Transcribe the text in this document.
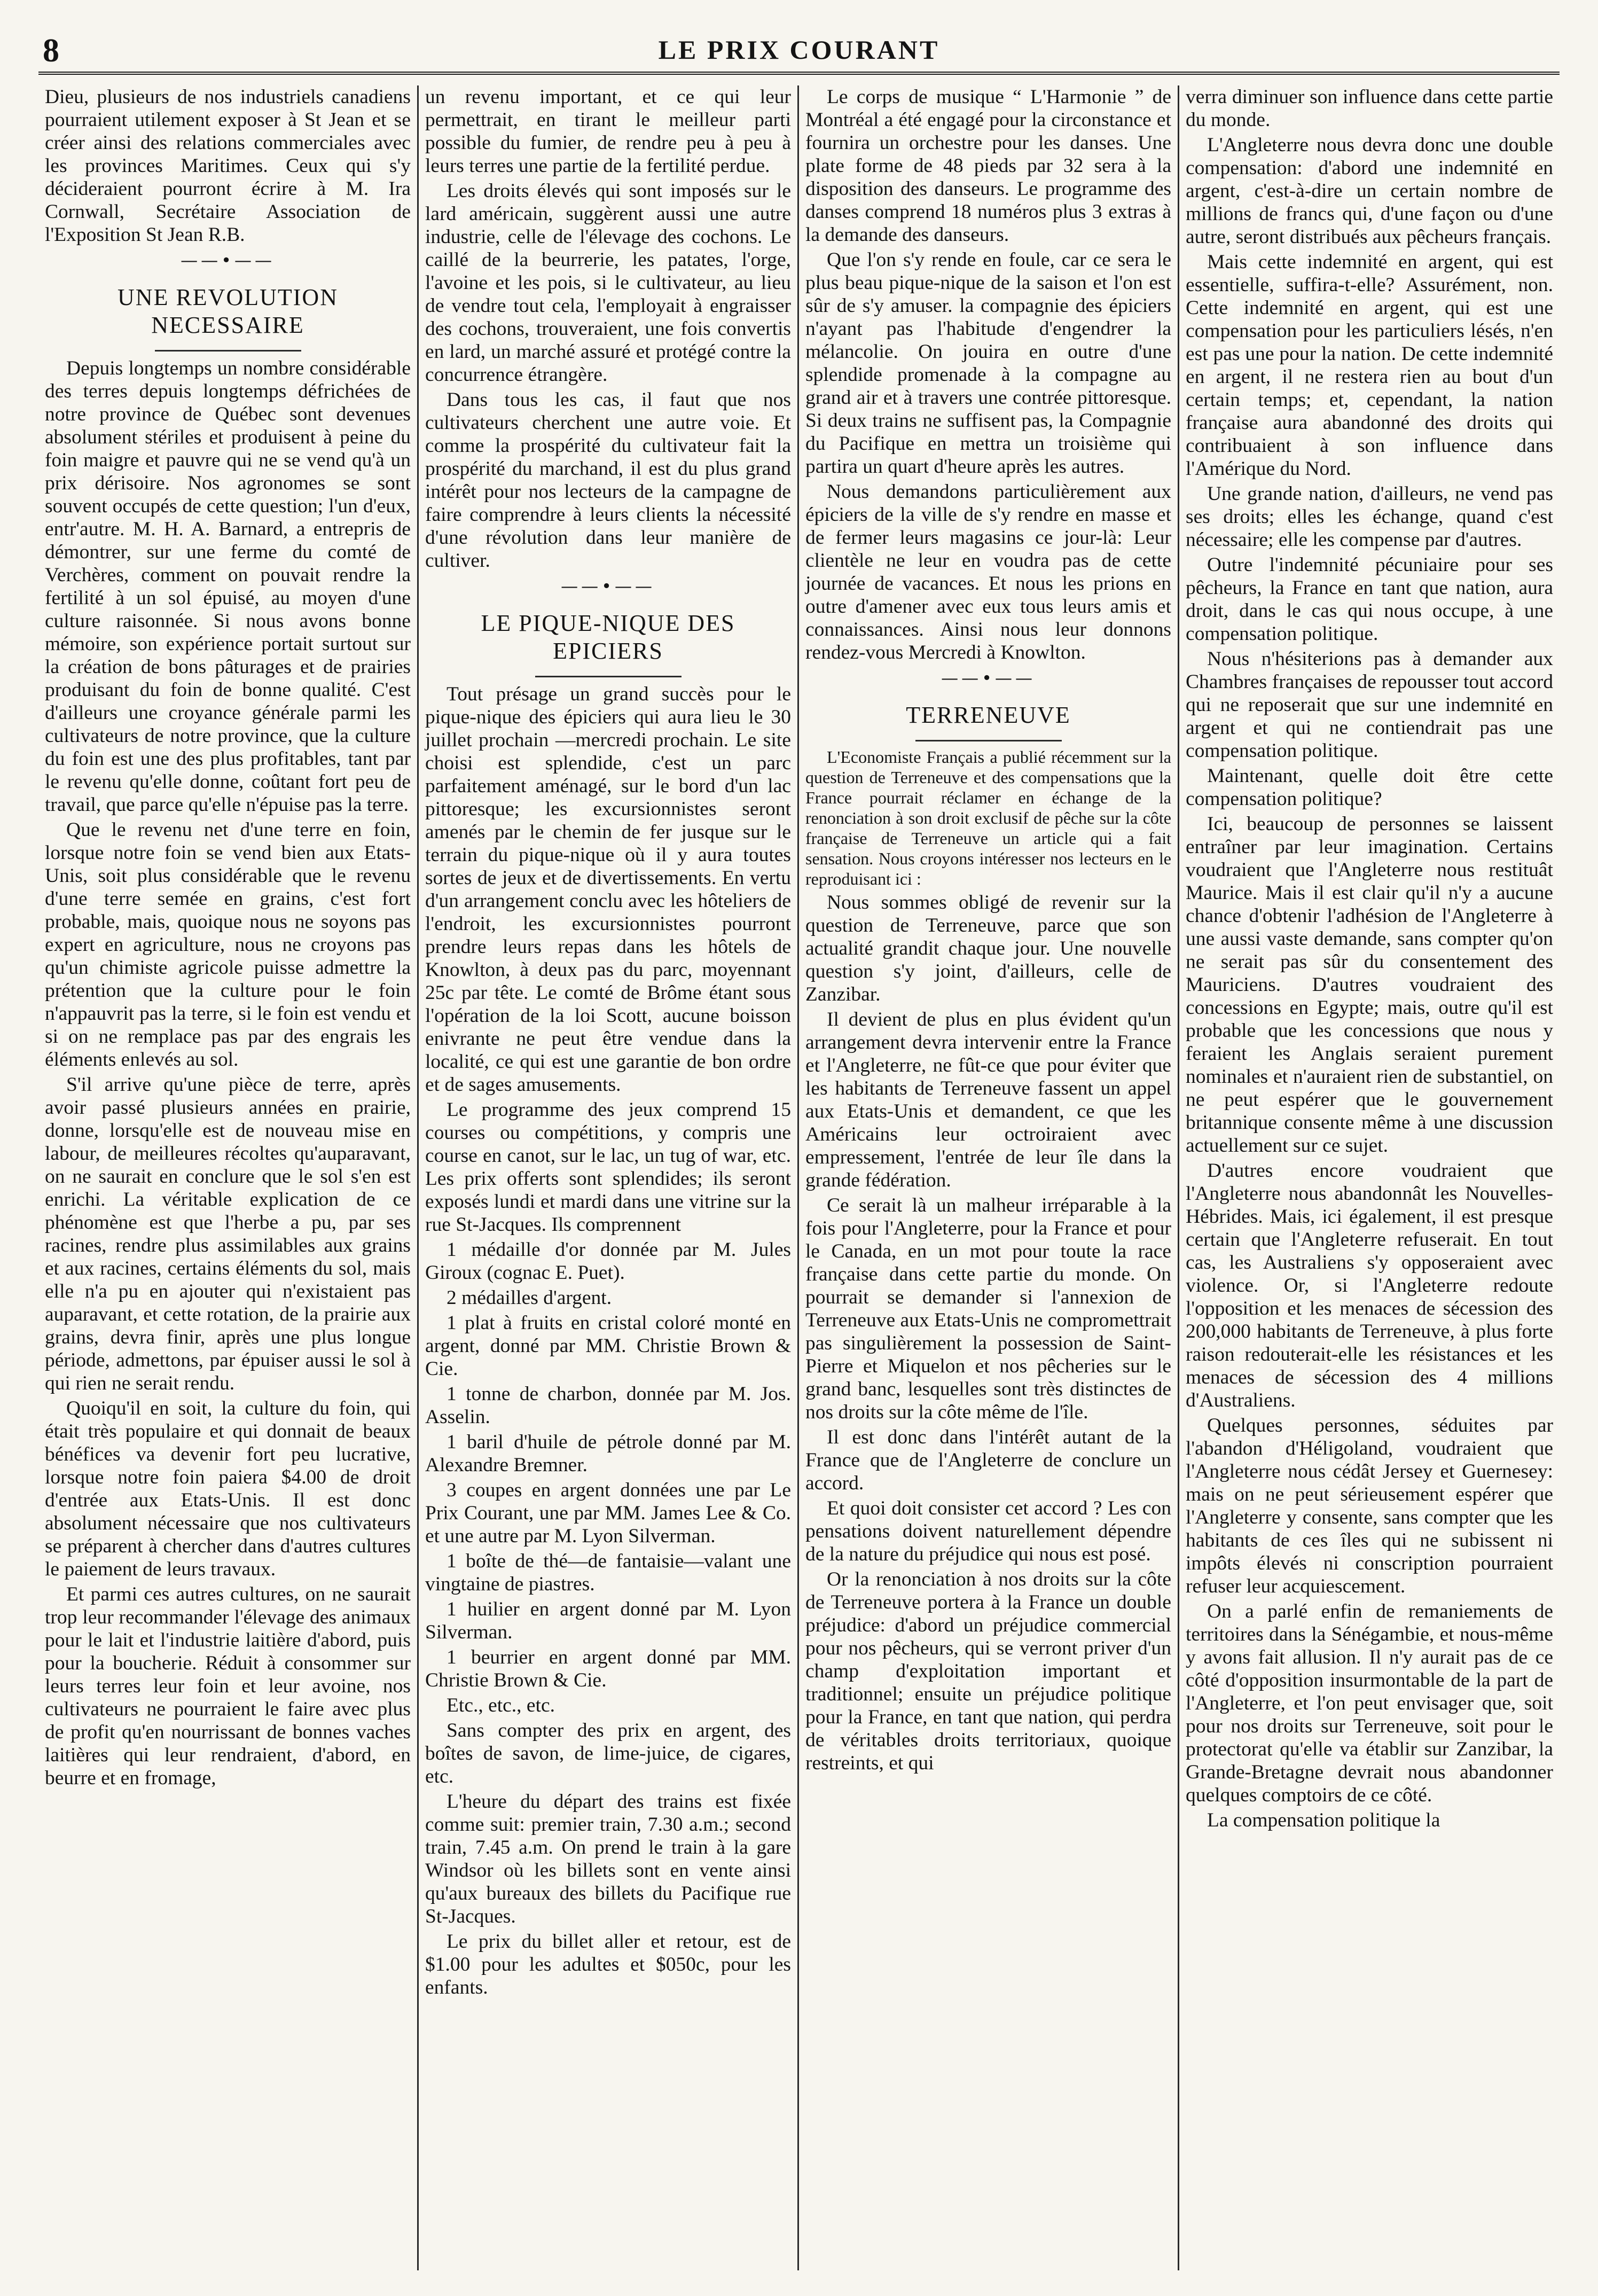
8	LE PRIX COURANT

Dieu, plusieurs de nos industriels canadiens pourraient utilement exposer à St Jean et se créer ainsi des relations commerciales avec les provinces Maritimes. Ceux qui s'y décideraient pourront écrire à M. Ira Cornwall, Secrétaire Association de l'Exposition St Jean R.B.

——•——
UNE REVOLUTION NECESSAIRE

Depuis longtemps un nombre considérable des terres depuis longtemps défrichées de notre province de Québec sont devenues absolument stériles et produisent à peine du foin maigre et pauvre qui ne se vend qu'à un prix dérisoire. Nos agronomes se sont souvent occupés de cette question; l'un d'eux, entr'autre. M. H. A. Barnard, a entrepris de démontrer, sur une ferme du comté de Verchères, comment on pouvait rendre la fertilité à un sol épuisé, au moyen d'une culture raisonnée. Si nous avons bonne mémoire, son expérience portait surtout sur la création de bons pâturages et de prairies produisant du foin de bonne qualité. C'est d'ailleurs une croyance générale parmi les cultivateurs de notre province, que la culture du foin est une des plus profitables, tant par le revenu qu'elle donne, coûtant fort peu de travail, que parce qu'elle n'épuise pas la terre.

Que le revenu net d'une terre en foin, lorsque notre foin se vend bien aux Etats-Unis, soit plus considérable que le revenu d'une terre semée en grains, c'est fort probable, mais, quoique nous ne soyons pas expert en agriculture, nous ne croyons pas qu'un chimiste agricole puisse admettre la prétention que la culture pour le foin n'appauvrit pas la terre, si le foin est vendu et si on ne remplace pas par des engrais les éléments enlevés au sol.

S'il arrive qu'une pièce de terre, après avoir passé plusieurs années en prairie, donne, lorsqu'elle est de nouveau mise en labour, de meilleures récoltes qu'auparavant, on ne saurait en conclure que le sol s'en est enrichi. La véritable explication de ce phénomène est que l'herbe a pu, par ses racines, rendre plus assimilables aux grains et aux racines, certains éléments du sol, mais elle n'a pu en ajouter qui n'existaient pas auparavant, et cette rotation, de la prairie aux grains, devra finir, après une plus longue période, admettons, par épuiser aussi le sol à qui rien ne serait rendu.

Quoiqu'il en soit, la culture du foin, qui était très populaire et qui donnait de beaux bénéfices va devenir fort peu lucrative, lorsque notre foin paiera $4.00 de droit d'entrée aux Etats-Unis. Il est donc absolument nécessaire que nos cultivateurs se préparent à chercher dans d'autres cultures le paiement de leurs travaux.

Et parmi ces autres cultures, on ne saurait trop leur recommander l'élevage des animaux pour le lait et l'industrie laitière d'abord, puis pour la boucherie. Réduit à consommer sur leurs terres leur foin et leur avoine, nos cultivateurs ne pourraient le faire avec plus de profit qu'en nourrissant de bonnes vaches laitières qui leur rendraient, d'abord, en beurre et en fromage,

un revenu important, et ce qui leur permettrait, en tirant le meilleur parti possible du fumier, de rendre peu à peu à leurs terres une partie de la fertilité perdue.

Les droits élevés qui sont imposés sur le lard américain, suggèrent aussi une autre industrie, celle de l'élevage des cochons. Le caillé de la beurrerie, les patates, l'orge, l'avoine et les pois, si le cultivateur, au lieu de vendre tout cela, l'employait à engraisser des cochons, trouveraient, une fois convertis en lard, un marché assuré et protégé contre la concurrence étrangère.

Dans tous les cas, il faut que nos cultivateurs cherchent une autre voie. Et comme la prospérité du cultivateur fait la prospérité du marchand, il est du plus grand intérêt pour nos lecteurs de la campagne de faire comprendre à leurs clients la nécessité d'une révolution dans leur manière de cultiver.

——•——
LE PIQUE-NIQUE DES EPICIERS

Tout présage un grand succès pour le pique-nique des épiciers qui aura lieu le 30 juillet prochain —mercredi prochain. Le site choisi est splendide, c'est un parc parfaitement aménagé, sur le bord d'un lac pittoresque; les excursionnistes seront amenés par le chemin de fer jusque sur le terrain du pique-nique où il y aura toutes sortes de jeux et de divertissements. En vertu d'un arrangement conclu avec les hôteliers de l'endroit, les excursionnistes pourront prendre leurs repas dans les hôtels de Knowlton, à deux pas du parc, moyennant 25c par tête. Le comté de Brôme étant sous l'opération de la loi Scott, aucune boisson enivrante ne peut être vendue dans la localité, ce qui est une garantie de bon ordre et de sages amusements.

Le programme des jeux comprend 15 courses ou compétitions, y compris une course en canot, sur le lac, un tug of war, etc. Les prix offerts sont splendides; ils seront exposés lundi et mardi dans une vitrine sur la rue St-Jacques. Ils comprennent

1 médaille d'or donnée par M. Jules Giroux (cognac E. Puet).

2 médailles d'argent.

1 plat à fruits en cristal coloré monté en argent, donné par MM. Christie Brown & Cie.

1 tonne de charbon, donnée par M. Jos. Asselin.

1 baril d'huile de pétrole donné par M. Alexandre Bremner.

3 coupes en argent données une par Le Prix Courant, une par MM. James Lee & Co. et une autre par M. Lyon Silverman.

1 boîte de thé—de fantaisie—valant une vingtaine de piastres.

1 huilier en argent donné par M. Lyon Silverman.

1 beurrier en argent donné par MM. Christie Brown & Cie.

Etc., etc., etc.

Sans compter des prix en argent, des boîtes de savon, de lime-juice, de cigares, etc.

L'heure du départ des trains est fixée comme suit: premier train, 7.30 a.m.; second train, 7.45 a.m. On prend le train à la gare Windsor où les billets sont en vente ainsi qu'aux bureaux des billets du Pacifique rue St-Jacques.

Le prix du billet aller et retour, est de $1.00 pour les adultes et $050c, pour les enfants.

Le corps de musique “ L'Harmonie ” de Montréal a été engagé pour la circonstance et fournira un orchestre pour les danses. Une plate forme de 48 pieds par 32 sera à la disposition des danseurs. Le programme des danses comprend 18 numéros plus 3 extras à la demande des danseurs.

Que l'on s'y rende en foule, car ce sera le plus beau pique-nique de la saison et l'on est sûr de s'y amuser. la compagnie des épiciers n'ayant pas l'habitude d'engendrer la mélancolie. On jouira en outre d'une splendide promenade à la compagne au grand air et à travers une contrée pittoresque. Si deux trains ne suffisent pas, la Compagnie du Pacifique en mettra un troisième qui partira un quart d'heure après les autres.

Nous demandons particulièrement aux épiciers de la ville de s'y rendre en masse et de fermer leurs magasins ce jour-là: Leur clientèle ne leur en voudra pas de cette journée de vacances. Et nous les prions en outre d'amener avec eux tous leurs amis et connaissances. Ainsi nous leur donnons rendez-vous Mercredi à Knowlton.

——•——
TERRENEUVE

L'Economiste Français a publié récemment sur la question de Terreneuve et des compensations que la France pourrait réclamer en échange de la renonciation à son droit exclusif de pêche sur la côte française de Terreneuve un article qui a fait sensation. Nous croyons intéresser nos lecteurs en le reproduisant ici :

Nous sommes obligé de revenir sur la question de Terreneuve, parce que son actualité grandit chaque jour. Une nouvelle question s'y joint, d'ailleurs, celle de Zanzibar.

Il devient de plus en plus évident qu'un arrangement devra intervenir entre la France et l'Angleterre, ne fût-ce que pour éviter que les habitants de Terreneuve fassent un appel aux Etats-Unis et demandent, ce que les Américains leur octroiraient avec empressement, l'entrée de leur île dans la grande fédération.

Ce serait là un malheur irréparable à la fois pour l'Angleterre, pour la France et pour le Canada, en un mot pour toute la race française dans cette partie du monde. On pourrait se demander si l'annexion de Terreneuve aux Etats-Unis ne compromettrait pas singulièrement la possession de Saint-Pierre et Miquelon et nos pêcheries sur le grand banc, lesquelles sont très distinctes de nos droits sur la côte même de l'île.

Il est donc dans l'intérêt autant de la France que de l'Angleterre de conclure un accord.

Et quoi doit consister cet accord ? Les con pensations doivent naturellement dépendre de la nature du préjudice qui nous est posé.

Or la renonciation à nos droits sur la côte de Terreneuve portera à la France un double préjudice: d'abord un préjudice commercial pour nos pêcheurs, qui se verront priver d'un champ d'exploitation important et traditionnel; ensuite un préjudice politique pour la France, en tant que nation, qui perdra de véritables droits territoriaux, quoique restreints, et qui

verra diminuer son influence dans cette partie du monde.

L'Angleterre nous devra donc une double compensation: d'abord une indemnité en argent, c'est-à-dire un certain nombre de millions de francs qui, d'une façon ou d'une autre, seront distribués aux pêcheurs français.

Mais cette indemnité en argent, qui est essentielle, suffira-t-elle? Assurément, non. Cette indemnité en argent, qui est une compensation pour les particuliers lésés, n'en est pas une pour la nation. De cette indemnité en argent, il ne restera rien au bout d'un certain temps; et, cependant, la nation française aura abandonné des droits qui contribuaient à son influence dans l'Amérique du Nord.

Une grande nation, d'ailleurs, ne vend pas ses droits; elles les échange, quand c'est nécessaire; elle les compense par d'autres.

Outre l'indemnité pécuniaire pour ses pêcheurs, la France en tant que nation, aura droit, dans le cas qui nous occupe, à une compensation politique.

Nous n'hésiterions pas à demander aux Chambres françaises de repousser tout accord qui ne reposerait que sur une indemnité en argent et qui ne contiendrait pas une compensation politique.

Maintenant, quelle doit être cette compensation politique?

Ici, beaucoup de personnes se laissent entraîner par leur imagination. Certains voudraient que l'Angleterre nous restituât Maurice. Mais il est clair qu'il n'y a aucune chance d'obtenir l'adhésion de l'Angleterre à une aussi vaste demande, sans compter qu'on ne serait pas sûr du consentement des Mauriciens. D'autres voudraient des concessions en Egypte; mais, outre qu'il est probable que les concessions que nous y feraient les Anglais seraient purement nominales et n'auraient rien de substantiel, on ne peut espérer que le gouvernement britannique consente même à une discussion actuellement sur ce sujet.

D'autres encore voudraient que l'Angleterre nous abandonnât les Nouvelles-Hébrides. Mais, ici également, il est presque certain que l'Angleterre refuserait. En tout cas, les Australiens s'y opposeraient avec violence. Or, si l'Angleterre redoute l'opposition et les menaces de sécession des 200,000 habitants de Terreneuve, à plus forte raison redouterait-elle les résistances et les menaces de sécession des 4 millions d'Australiens.

Quelques personnes, séduites par l'abandon d'Héligoland, voudraient que l'Angleterre nous cédât Jersey et Guernesey: mais on ne peut sérieusement espérer que l'Angleterre y consente, sans compter que les habitants de ces îles qui ne subissent ni impôts élevés ni conscription pourraient refuser leur acquiescement.

On a parlé enfin de remaniements de territoires dans la Sénégambie, et nous-même y avons fait allusion. Il n'y aurait pas de ce côté d'opposition insurmontable de la part de l'Angleterre, et l'on peut envisager que, soit pour nos droits sur Terreneuve, soit pour le protectorat qu'elle va établir sur Zanzibar, la Grande-Bretagne devrait nous abandonner quelques comptoirs de ce côté.

La compensation politique la
